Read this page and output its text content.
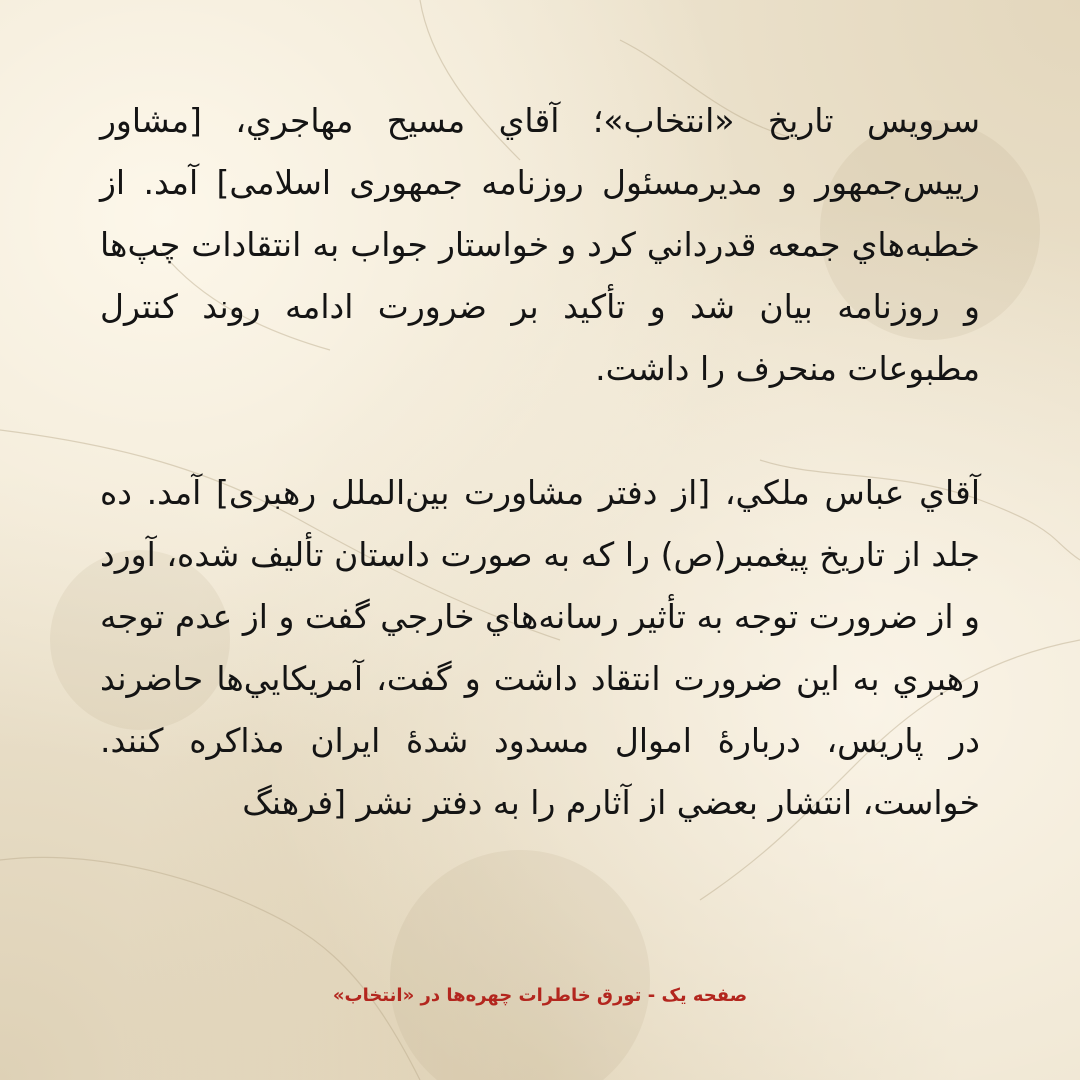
سرویس تاریخ «انتخاب»؛ آقاي مسیح مهاجري، [مشاور رییس‌جمهور و مدیرمسئول روزنامه جمهوری اسلامی] آمد. از خطبه‌هاي جمعه قدرداني کرد و خواستار جواب به انتقادات چپ‌ها و روزنامه بیان شد و تأکید بر ضرورت ادامه روند کنترل مطبوعات منحرف را داشت.

آقاي عباس ملکي، [از دفتر مشاورت بین‌الملل رهبری] آمد. ده جلد از تاریخ پیغمبر(ص) را که به صورت داستان تألیف شده، آورد و از ضرورت توجه به تأثیر رسانه‌هاي خارجي گفت و از عدم توجه رهبري به این ضرورت انتقاد داشت و گفت، آمریکایي‌ها حاضرند در پاریس، دربارۀ اموال مسدود شدۀ ایران مذاکره کنند. خواست، انتشار بعضي از آثارم را به دفتر نشر [فرهنگ

صفحه یک - تورق خاطرات چهره‌ها در «انتخاب»
